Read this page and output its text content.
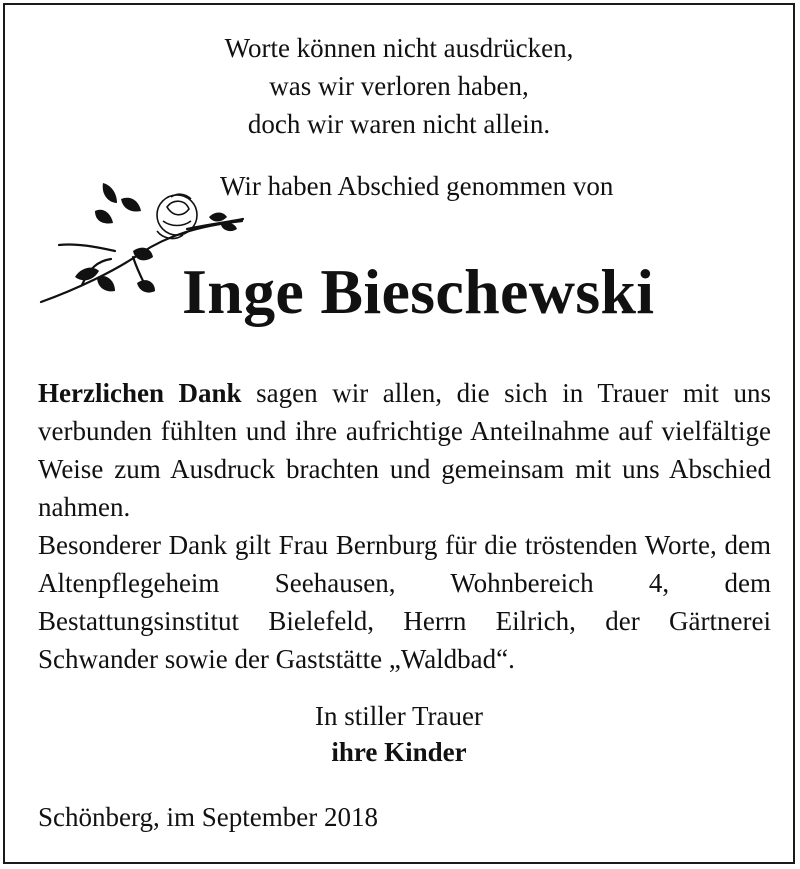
Worte können nicht ausdrücken,
was wir verloren haben,
doch wir waren nicht allein.
Wir haben Abschied genommen von
Inge Bieschewski

Herzlichen Dank sagen wir allen, die sich in Trauer mit uns verbunden fühlten und ihre aufrichtige Anteilnahme auf vielfältige Weise zum Ausdruck brachten und gemeinsam mit uns Abschied nahmen.

Besonderer Dank gilt Frau Bernburg für die tröstenden Worte, dem Altenpflegeheim Seehausen, Wohnbereich 4, dem Bestattungsinstitut Bielefeld, Herrn Eilrich, der Gärtnerei Schwander sowie der Gaststätte „Waldbad“.

In stiller Trauer
ihre Kinder
Schönberg, im September 2018
